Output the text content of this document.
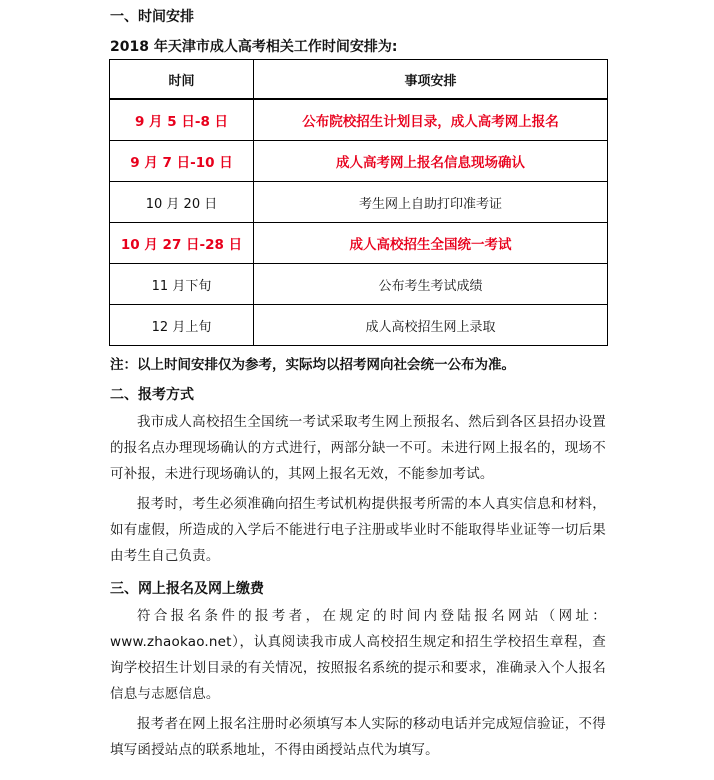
一、时间安排
2018 年天津市成人高考相关工作时间安排为:
时间	事项安排
9 月 5 日-8 日	公布院校招生计划目录，成人高考网上报名
9 月 7 日-10 日	成人高考网上报名信息现场确认
10 月 20 日	考生网上自助打印准考证
10 月 27 日-28 日	成人高校招生全国统一考试
11 月下旬	公布考生考试成绩
12 月上旬	成人高校招生网上录取
注：以上时间安排仅为参考，实际均以招考网向社会统一公布为准。
二、报考方式
我市成人高校招生全国统一考试采取考生网上预报名、然后到各区县招办设置的报名点办理现场确认的方式进行，两部分缺一不可。未进行网上报名的，现场不可补报，未进行现场确认的，其网上报名无效，不能参加考试。
报考时，考生必须准确向招生考试机构提供报考所需的本人真实信息和材料，如有虚假，所造成的入学后不能进行电子注册或毕业时不能取得毕业证等一切后果由考生自己负责。
三、网上报名及网上缴费
符合报名条件的报考者，在规定的时间内登陆报名网站（网址：www.zhaokao.net），认真阅读我市成人高校招生规定和招生学校招生章程，查询学校招生计划目录的有关情况，按照报名系统的提示和要求，准确录入个人报名信息与志愿信息。
报考者在网上报名注册时必须填写本人实际的移动电话并完成短信验证，不得填写函授站点的联系地址，不得由函授站点代为填写。
